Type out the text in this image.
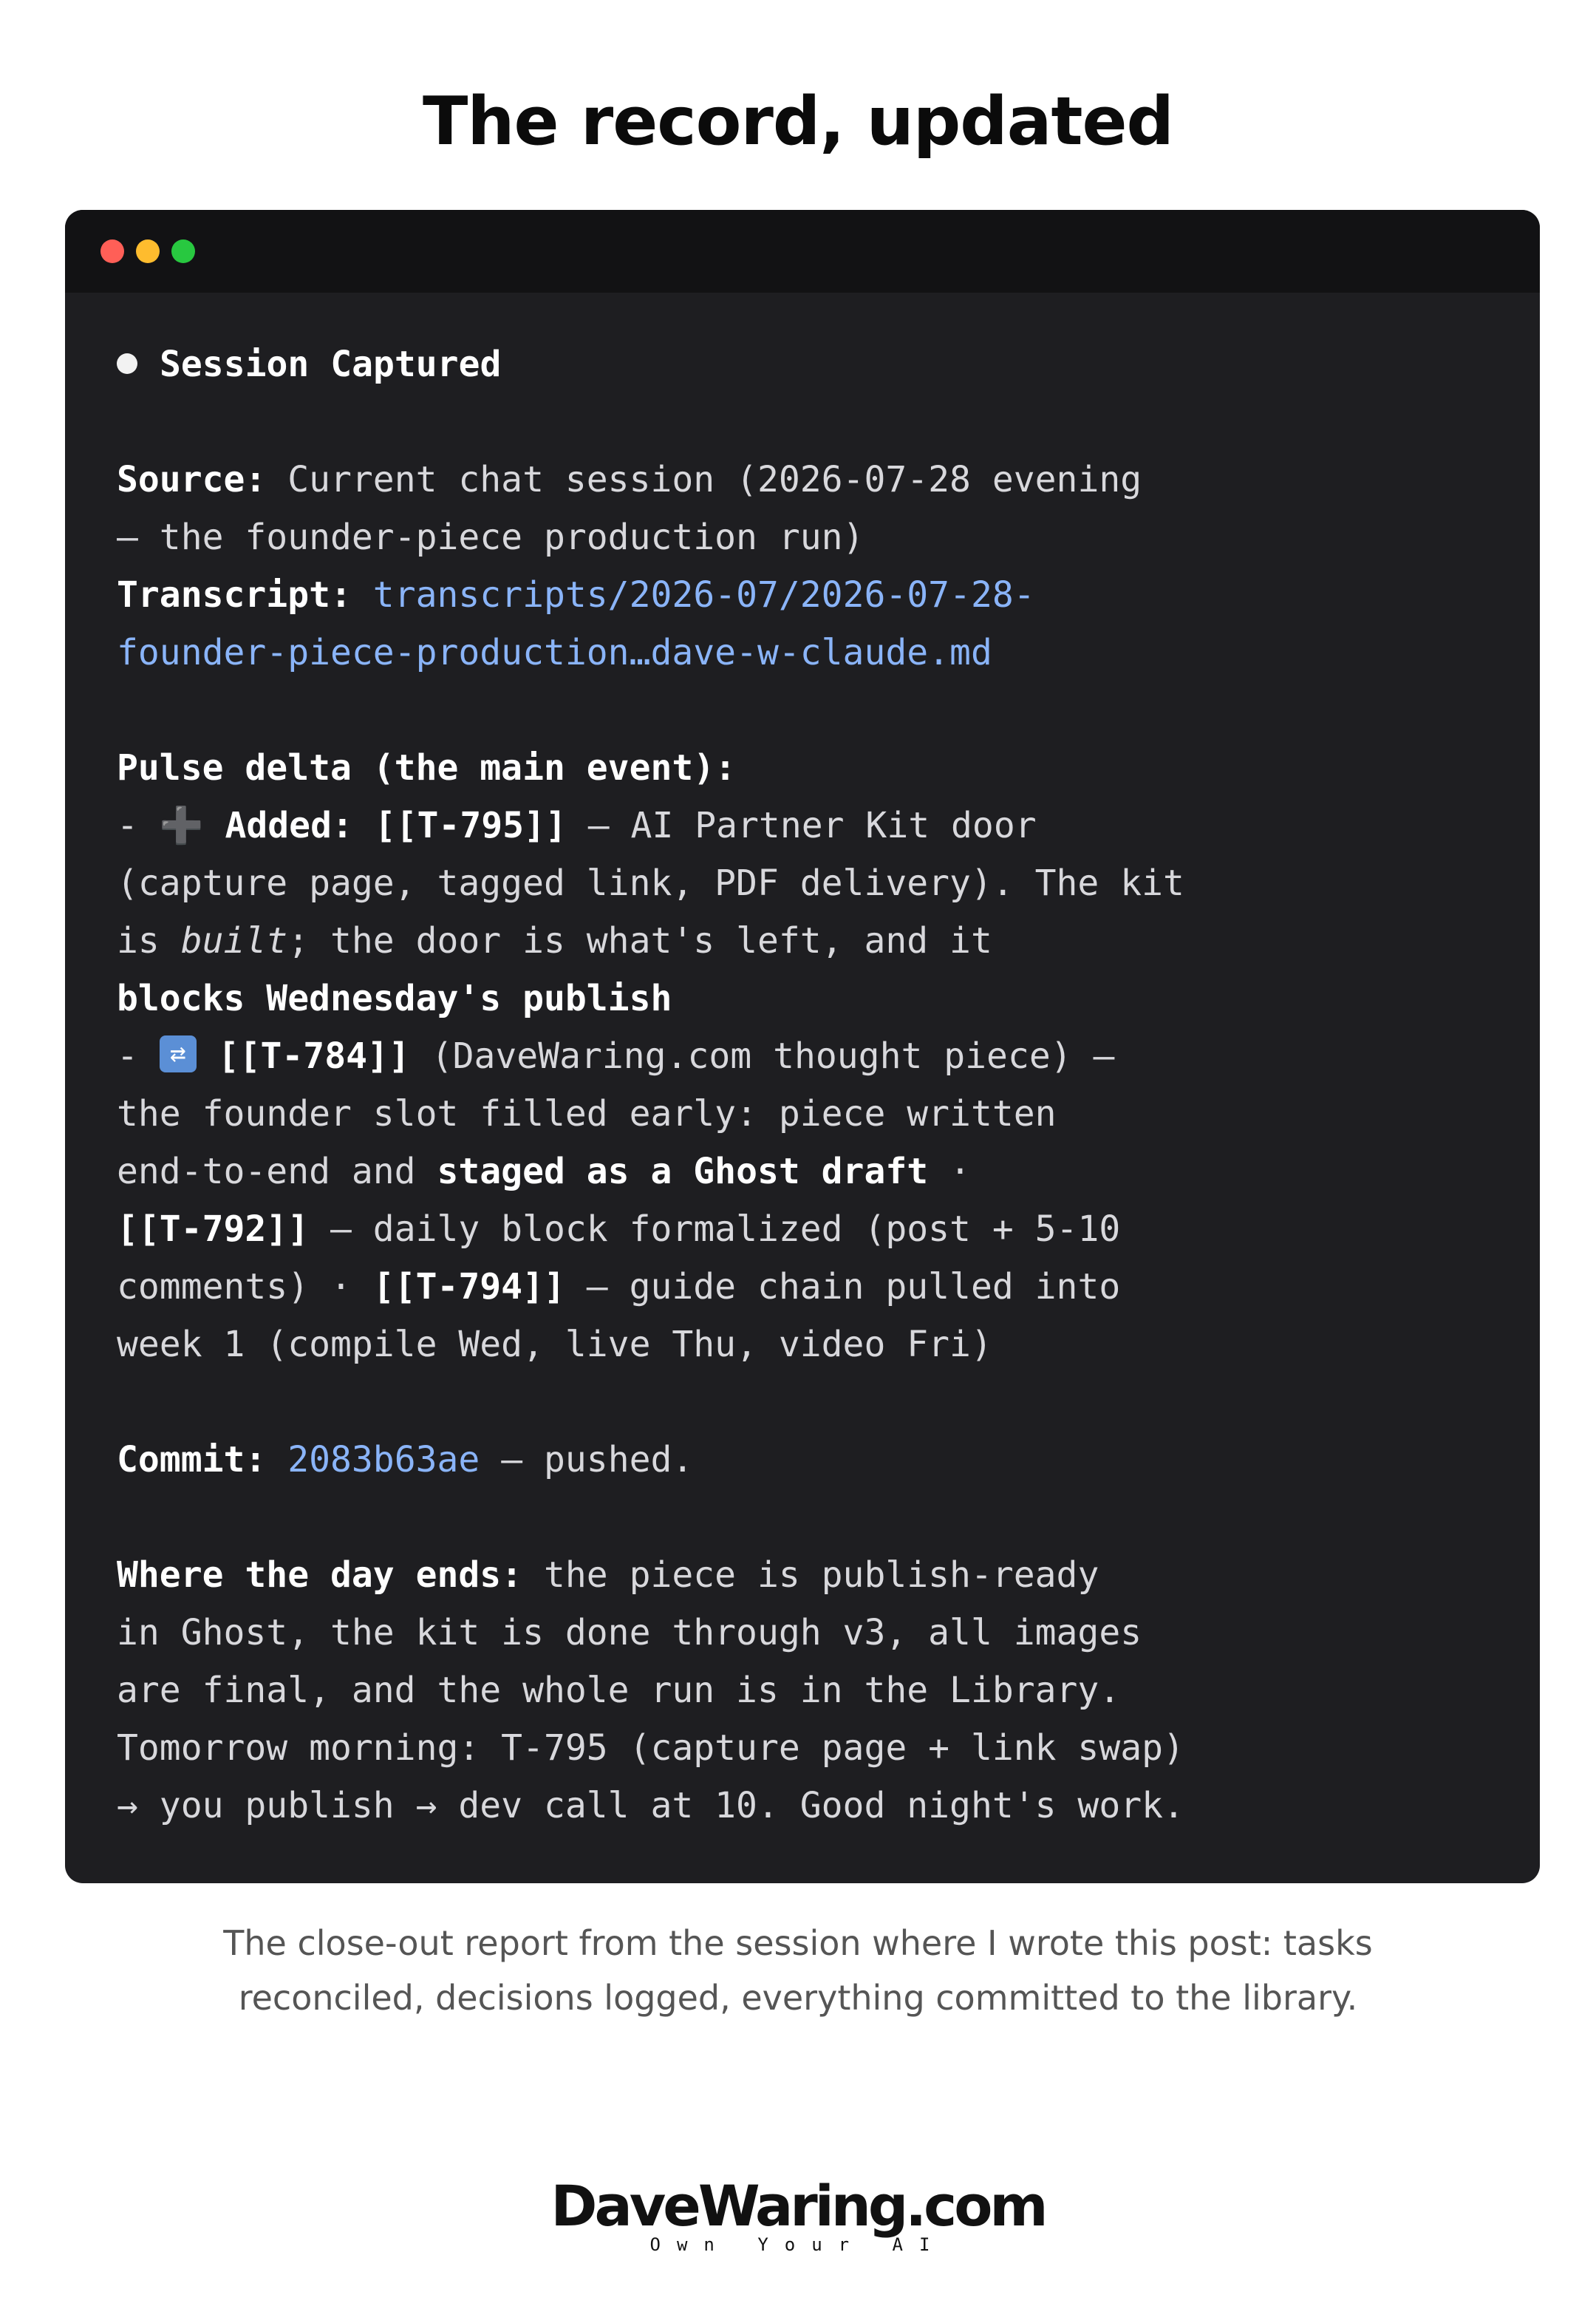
The record, updated
Session Captured
Source: Current chat session (2026-07-28 evening
— the founder-piece production run)
Transcript: transcripts/2026-07/2026-07-28-
founder-piece-production…dave-w-claude.md
Pulse delta (the main event):
- ➕ Added: [[T-795]] — AI Partner Kit door
(capture page, tagged link, PDF delivery). The kit
is built; the door is what's left, and it
blocks Wednesday's publish
- ⇄ [[T-784]] (DaveWaring.com thought piece) —
the founder slot filled early: piece written
end-to-end and staged as a Ghost draft ·
[[T-792]] — daily block formalized (post + 5-10
comments) · [[T-794]] — guide chain pulled into
week 1 (compile Wed, live Thu, video Fri)
Commit: 2083b63ae — pushed.
Where the day ends: the piece is publish-ready
in Ghost, the kit is done through v3, all images
are final, and the whole run is in the Library.
Tomorrow morning: T-795 (capture page + link swap)
→ you publish → dev call at 10. Good night's work.
The close-out report from the session where I wrote this post: tasks
reconciled, decisions logged, everything committed to the library.
DaveWaring.com
Own Your AI
